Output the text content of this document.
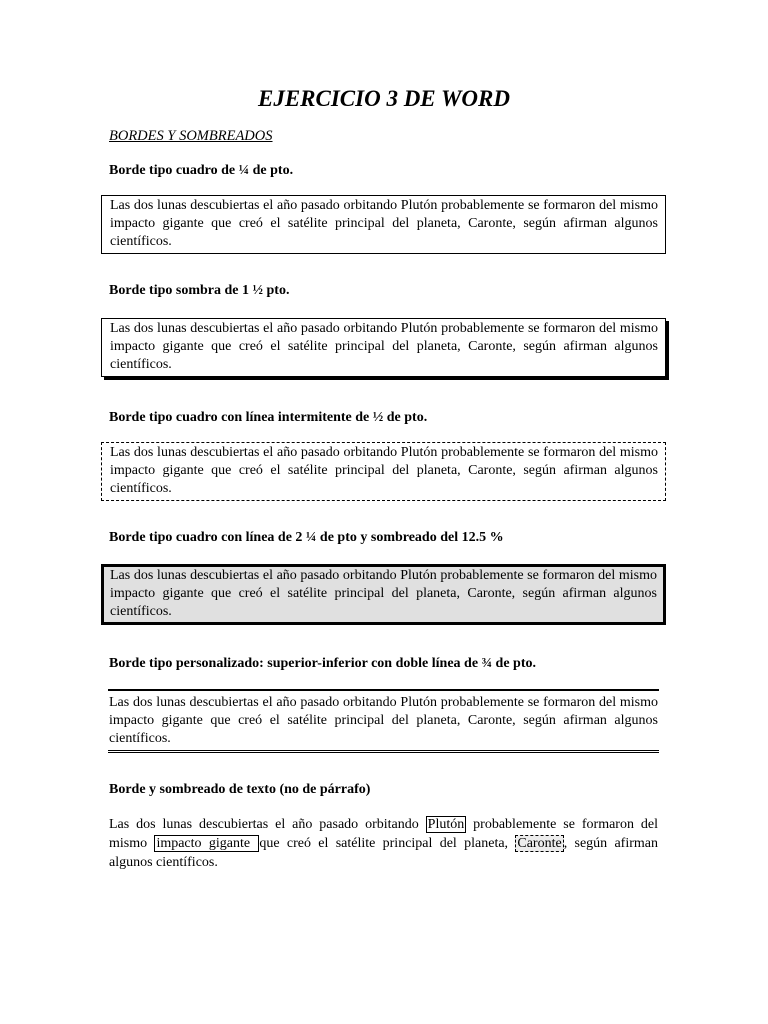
EJERCICIO 3 DE WORD

BORDES Y SOMBREADOS

Borde tipo cuadro de ¼ de pto.

Las dos lunas descubiertas el año pasado orbitando Plutón probablemente se formaron del mismo impacto gigante que creó el satélite principal del planeta, Caronte, según afirman algunos científicos.

Borde tipo sombra de 1 ½ pto.

Las dos lunas descubiertas el año pasado orbitando Plutón probablemente se formaron del mismo impacto gigante que creó el satélite principal del planeta, Caronte, según afirman algunos científicos.

Borde tipo cuadro con línea intermitente de ½ de pto.

Las dos lunas descubiertas el año pasado orbitando Plutón probablemente se formaron del mismo impacto gigante que creó el satélite principal del planeta, Caronte, según afirman algunos científicos.

Borde tipo cuadro con línea de 2 ¼ de pto y sombreado del 12.5 %

Las dos lunas descubiertas el año pasado orbitando Plutón probablemente se formaron del mismo impacto gigante que creó el satélite principal del planeta, Caronte, según afirman algunos científicos.

Borde tipo personalizado: superior-inferior con doble línea de ¾ de pto.

Las dos lunas descubiertas el año pasado orbitando Plutón probablemente se formaron del mismo impacto gigante que creó el satélite principal del planeta, Caronte, según afirman algunos científicos.

Borde y sombreado de texto (no de párrafo)

Las dos lunas descubiertas el año pasado orbitando Plutón probablemente se formaron del mismo impacto gigante que creó el satélite principal del planeta, Caronte , según afirman algunos científicos.
